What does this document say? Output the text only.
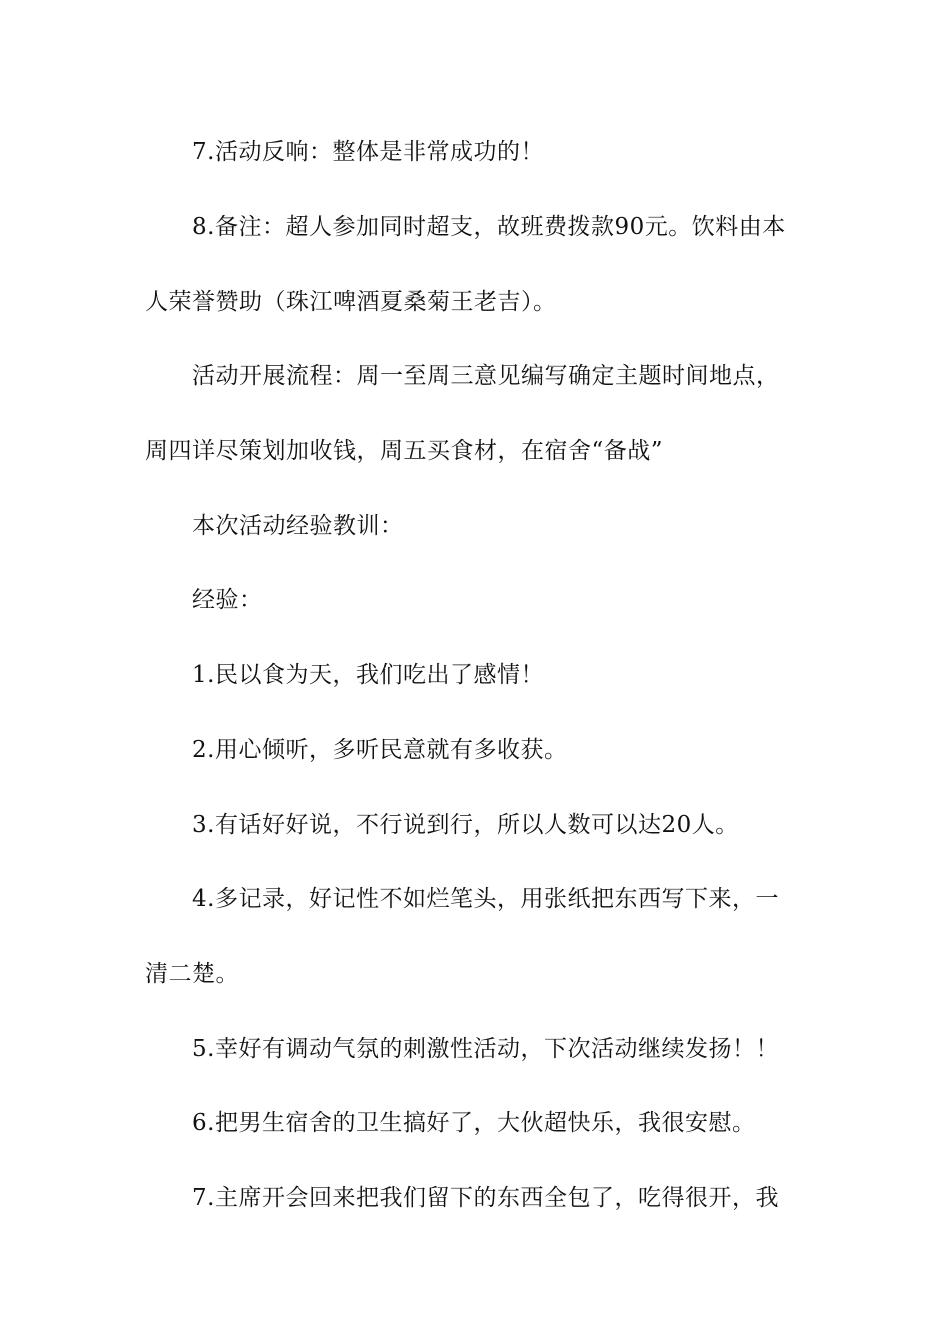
7.活动反响：整体是非常成功的！
8.备注：超人参加同时超支，故班费拨款90元。饮料由本
人荣誉赞助（珠江啤酒夏桑菊王老吉）。
活动开展流程：周一至周三意见编写确定主题时间地点，
周四详尽策划加收钱，周五买食材，在宿舍“备战”
本次活动经验教训：
经验：
1.民以食为天，我们吃出了感情！
2.用心倾听，多听民意就有多收获。
3.有话好好说，不行说到行，所以人数可以达20人。
4.多记录，好记性不如烂笔头，用张纸把东西写下来，一
清二楚。
5.幸好有调动气氛的刺激性活动，下次活动继续发扬！！
6.把男生宿舍的卫生搞好了，大伙超快乐，我很安慰。
7.主席开会回来把我们留下的东西全包了，吃得很开，我
